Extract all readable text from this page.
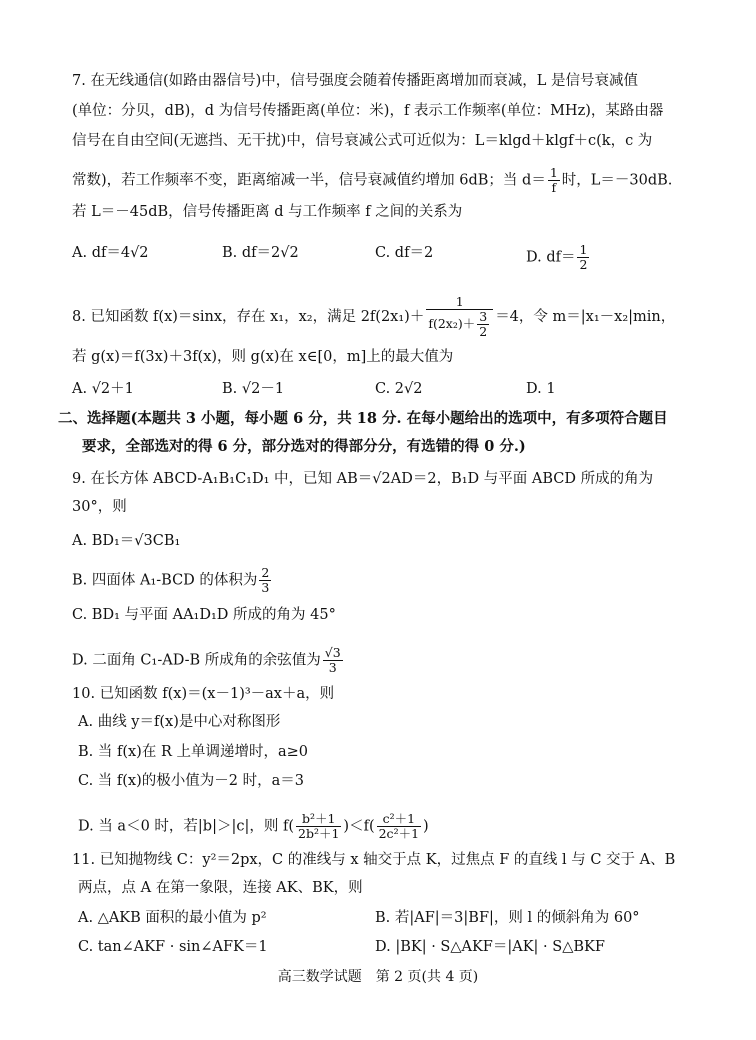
7. 在无线通信(如路由器信号)中，信号强度会随着传播距离增加而衰减，L 是信号衰减值
(单位：分贝，dB)，d 为信号传播距离(单位：米)，f 表示工作频率(单位：MHz)，某路由器
信号在自由空间(无遮挡、无干扰)中，信号衰减公式可近似为：L＝klgd＋klgf＋c(k，c 为
常数)，若工作频率不变，距离缩减一半，信号衰减值约增加 6dB；当 $d= \frac{1}{f}$ 时，L＝－30dB.
若 L＝－45dB，信号传播距离 d 与工作频率 f 之间的关系为
A. df＝4√2	B. df＝2√2	C. df＝2	D. $df= \frac{1}{2}$
8. 已知函数 f(x)＝sinx，存在 x₁，x₂，满足 $2f(2x_1)+ \frac{1}{f(2x_2)+ \frac{3}{2}} =4$，令 m＝|x₁－x₂|min，
若 g(x)＝f(3x)＋3f(x)，则 g(x)在 x∈[0，m]上的最大值为
A. √2＋1	B. √2－1	C. 2√2	D. 1
二、选择题(本题共 3 小题，每小题 6 分，共 18 分. 在每小题给出的选项中，有多项符合题目
要求，全部选对的得 6 分，部分选对的得部分分，有选错的得 0 分.)
9. 在长方体 ABCD-A₁B₁C₁D₁ 中，已知 AB＝√2AD＝2，B₁D 与平面 ABCD 所成的角为
30°，则
A. BD₁＝√3CB₁
B. 四面体 A₁-BCD 的体积为 $\frac{2}{3}$
C. BD₁ 与平面 AA₁D₁D 所成的角为 45°
D. 二面角 C₁-AD-B 所成角的余弦值为 $\frac{√3}{3}$
10. 已知函数 f(x)＝(x－1)³－ax＋a，则
A. 曲线 y＝f(x)是中心对称图形
B. 当 f(x)在 R 上单调递增时，a≥0
C. 当 f(x)的极小值为－2 时，a＝3
D. 当 a＜0 时，若|b|＞|c|，则 $f( \frac{\text{b²＋1}}{\text{2b²＋1}} )<f( \frac{\text{c²＋1}}{\text{2c²＋1}}$ )
11. 已知抛物线 C：y²＝2px，C 的准线与 x 轴交于点 K，过焦点 F 的直线 l 与 C 交于 A、B
两点，点 A 在第一象限，连接 AK、BK，则
A. △AKB 面积的最小值为 p²	B. 若|AF|＝3|BF|，则 l 的倾斜角为 60°
C. tan∠AKF · sin∠AFK＝1	D. |BK| · S△AKF＝|AK| · S△BKF
高三数学试题　第 2 页(共 4 页)
